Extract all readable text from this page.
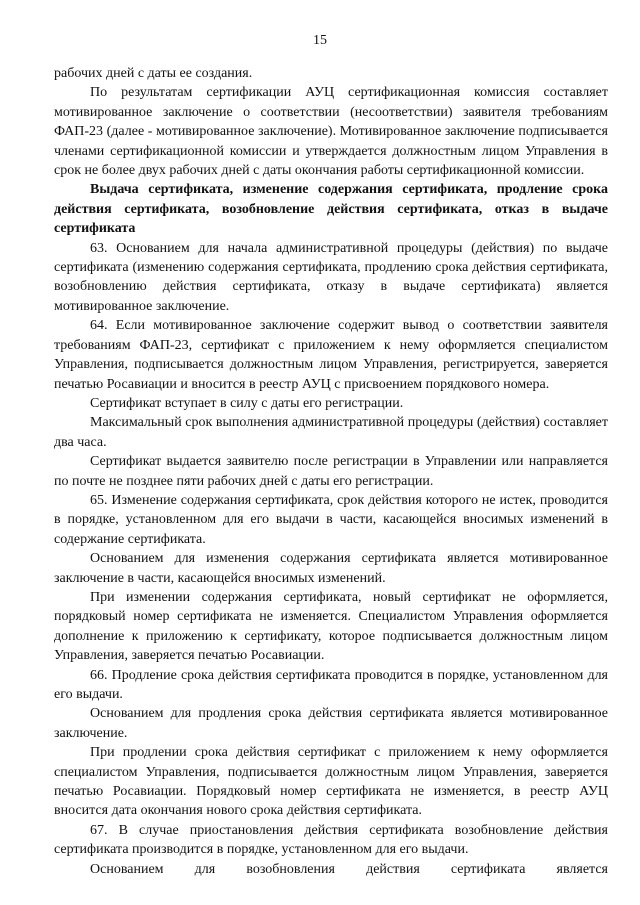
15

рабочих дней с даты ее создания.

По результатам сертификации АУЦ сертификационная комиссия составляет мотивированное заключение о соответствии (несоответствии) заявителя требованиям ФАП-23 (далее - мотивированное заключение). Мотивированное заключение подписывается членами сертификационной комиссии и утверждается должностным лицом Управления в срок не более двух рабочих дней с даты окончания работы сертификационной комиссии.

Выдача сертификата, изменение содержания сертификата, продление срока действия сертификата, возобновление действия сертификата, отказ в выдаче сертификата

63. Основанием для начала административной процедуры (действия) по выдаче сертификата (изменению содержания сертификата, продлению срока действия сертификата, возобновлению действия сертификата, отказу в выдаче сертификата) является мотивированное заключение.

64. Если мотивированное заключение содержит вывод о соответствии заявителя требованиям ФАП-23, сертификат с приложением к нему оформляется специалистом Управления, подписывается должностным лицом Управления, регистрируется, заверяется печатью Росавиации и вносится в реестр АУЦ с присвоением порядкового номера.

Сертификат вступает в силу с даты его регистрации.

Максимальный срок выполнения административной процедуры (действия) составляет два часа.

Сертификат выдается заявителю после регистрации в Управлении или направляется по почте не позднее пяти рабочих дней с даты его регистрации.

65. Изменение содержания сертификата, срок действия которого не истек, проводится в порядке, установленном для его выдачи в части, касающейся вносимых изменений в содержание сертификата.

Основанием для изменения содержания сертификата является мотивированное заключение в части, касающейся вносимых изменений.

При изменении содержания сертификата, новый сертификат не оформляется, порядковый номер сертификата не изменяется. Специалистом Управления оформляется дополнение к приложению к сертификату, которое подписывается должностным лицом Управления, заверяется печатью Росавиации.

66. Продление срока действия сертификата проводится в порядке, установленном для его выдачи.

Основанием для продления срока действия сертификата является мотивированное заключение.

При продлении срока действия сертификат с приложением к нему оформляется специалистом Управления, подписывается должностным лицом Управления, заверяется печатью Росавиации. Порядковый номер сертификата не изменяется, в реестр АУЦ вносится дата окончания нового срока действия сертификата.

67. В случае приостановления действия сертификата возобновление действия сертификата производится в порядке, установленном для его выдачи.

Основанием для возобновления действия сертификата является
